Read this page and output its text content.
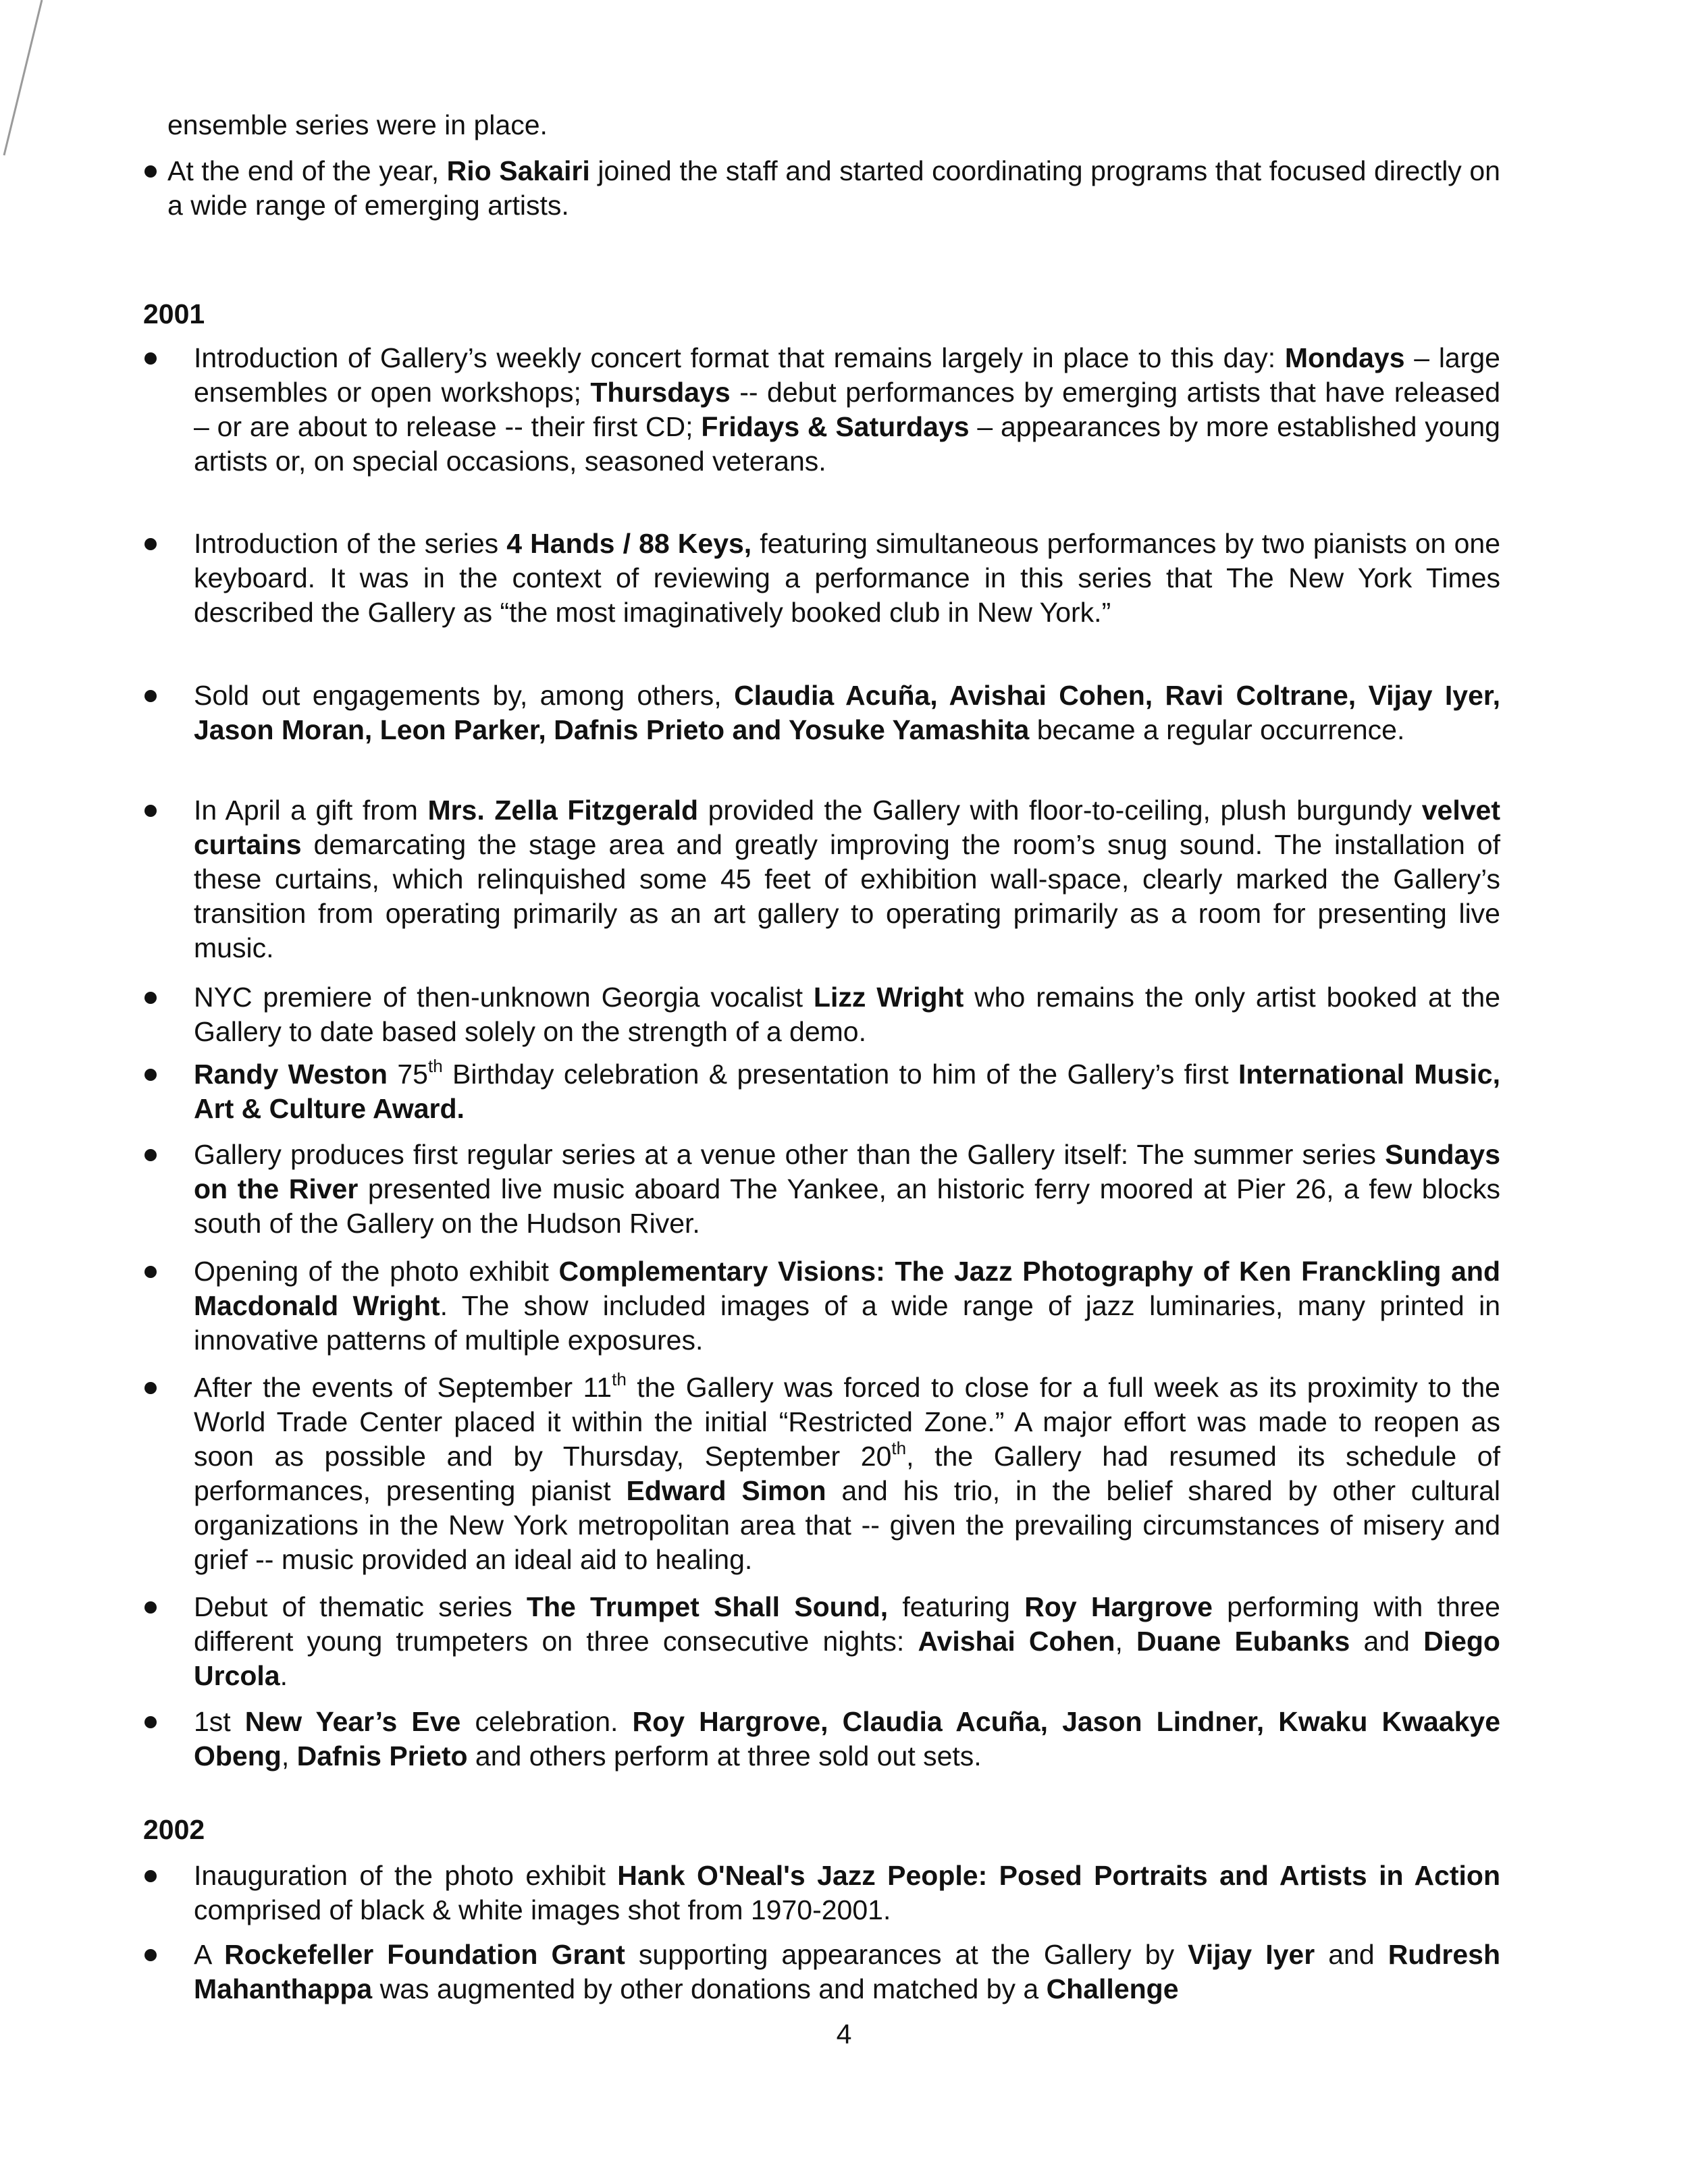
ensemble series were in place.

At the end of the year, Rio Sakairi joined the staff and started coordinating programs that focused directly on a wide range of emerging artists.
2001
Introduction of Gallery’s weekly concert format that remains largely in place to this day: Mondays – large ensembles or open workshops; Thursdays -- debut performances by emerging artists that have released – or are about to release -- their first CD; Fridays & Saturdays – appearances by more established young artists or, on special occasions, seasoned veterans.
Introduction of the series 4 Hands / 88 Keys, featuring simultaneous performances by two pianists on one keyboard. It was in the context of reviewing a performance in this series that The New York Times described the Gallery as “the most imaginatively booked club in New York.”
Sold out engagements by, among others, Claudia Acuña, Avishai Cohen, Ravi Coltrane, Vijay Iyer, Jason Moran, Leon Parker, Dafnis Prieto and Yosuke Yamashita became a regular occurrence.
In April a gift from Mrs. Zella Fitzgerald provided the Gallery with floor-to-ceiling, plush burgundy velvet curtains demarcating the stage area and greatly improving the room’s snug sound. The installation of these curtains, which relinquished some 45 feet of exhibition wall-space, clearly marked the Gallery’s transition from operating primarily as an art gallery to operating primarily as a room for presenting live music.
NYC premiere of then-unknown Georgia vocalist Lizz Wright who remains the only artist booked at the Gallery to date based solely on the strength of a demo.
Randy Weston 75th Birthday celebration & presentation to him of the Gallery’s first International Music, Art & Culture Award.
Gallery produces first regular series at a venue other than the Gallery itself: The summer series Sundays on the River presented live music aboard The Yankee, an historic ferry moored at Pier 26, a few blocks south of the Gallery on the Hudson River.
Opening of the photo exhibit Complementary Visions: The Jazz Photography of Ken Franckling and Macdonald Wright. The show included images of a wide range of jazz luminaries, many printed in innovative patterns of multiple exposures.
After the events of September 11th the Gallery was forced to close for a full week as its proximity to the World Trade Center placed it within the initial “Restricted Zone.” A major effort was made to reopen as soon as possible and by Thursday, September 20th, the Gallery had resumed its schedule of performances, presenting pianist Edward Simon and his trio, in the belief shared by other cultural organizations in the New York metropolitan area that -- given the prevailing circumstances of misery and grief -- music provided an ideal aid to healing.
Debut of thematic series The Trumpet Shall Sound, featuring Roy Hargrove performing with three different young trumpeters on three consecutive nights: Avishai Cohen, Duane Eubanks and Diego Urcola.
1st New Year’s Eve celebration. Roy Hargrove, Claudia Acuña, Jason Lindner, Kwaku Kwaakye Obeng, Dafnis Prieto and others perform at three sold out sets.
2002
Inauguration of the photo exhibit Hank O'Neal's Jazz People: Posed Portraits and Artists in Action comprised of black & white images shot from 1970-2001.
A Rockefeller Foundation Grant supporting appearances at the Gallery by Vijay Iyer and Rudresh Mahanthappa was augmented by other donations and matched by a Challenge
4
